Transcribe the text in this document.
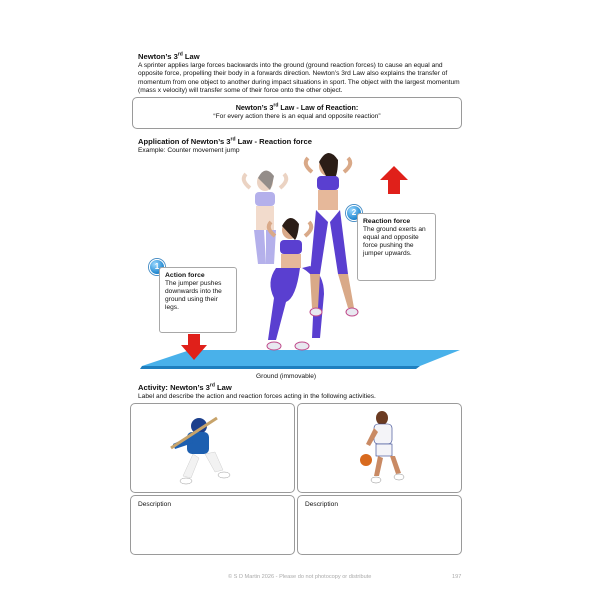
Newton’s 3rd Law
A sprinter applies large forces backwards into the ground (ground reaction forces) to cause an equal and opposite force, propelling their body in a forwards direction. Newton’s 3rd Law also explains the transfer of momentum from one object to another during impact situations in sport. The object with the largest momentum (mass x velocity) will transfer some of their force onto the other object.
Newton’s 3rd Law - Law of Reaction:
“For every action there is an equal and opposite reaction”
Application of Newton’s 3rd Law - Reaction force
Example: Counter movement jump
1
Action force
The jumper pushes downwards into the ground using their legs.
2
Reaction force
The ground exerts an equal and opposite force pushing the jumper upwards.
Ground (immovable)
Activity: Newton’s 3rd Law
Label and describe the action and reaction forces acting in the following activities.
Description	Description
© S D Martin 2026 - Please do not photocopy or distribute	197
